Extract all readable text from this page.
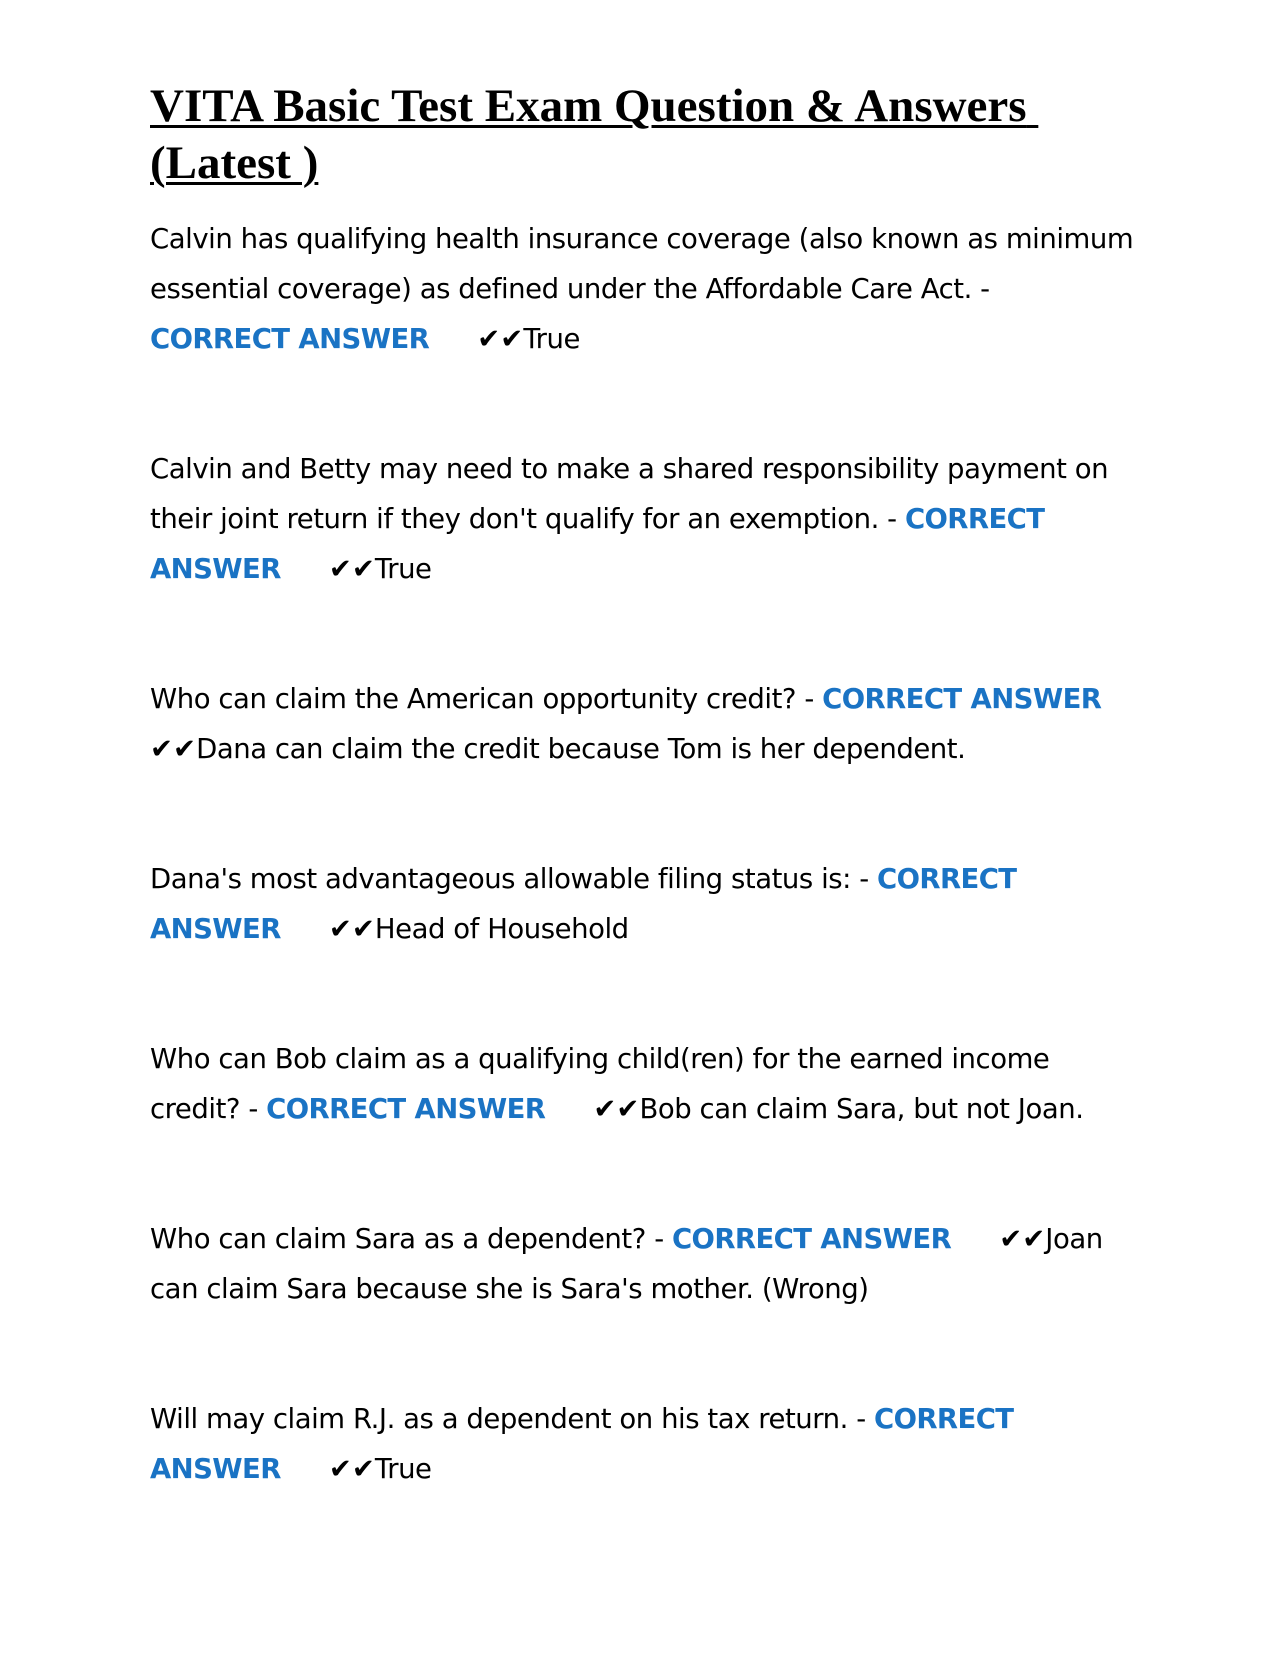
VITA Basic Test Exam Question & Answers (Latest )

Calvin has qualifying health insurance coverage (also known as minimum essential coverage) as defined under the Affordable Care Act. - CORRECT ANSWER ✔✔True

Calvin and Betty may need to make a shared responsibility payment on their joint return if they don't qualify for an exemption. - CORRECT ANSWER ✔✔True

Who can claim the American opportunity credit? - CORRECT ANSWER
✔✔Dana can claim the credit because Tom is her dependent.

Dana's most advantageous allowable filing status is: - CORRECT ANSWER ✔✔Head of Household

Who can Bob claim as a qualifying child(ren) for the earned income credit? - CORRECT ANSWER ✔✔Bob can claim Sara, but not Joan.

Who can claim Sara as a dependent? - CORRECT ANSWER ✔✔Joan can claim Sara because she is Sara's mother. (Wrong)

Will may claim R.J. as a dependent on his tax return. - CORRECT ANSWER ✔✔True
